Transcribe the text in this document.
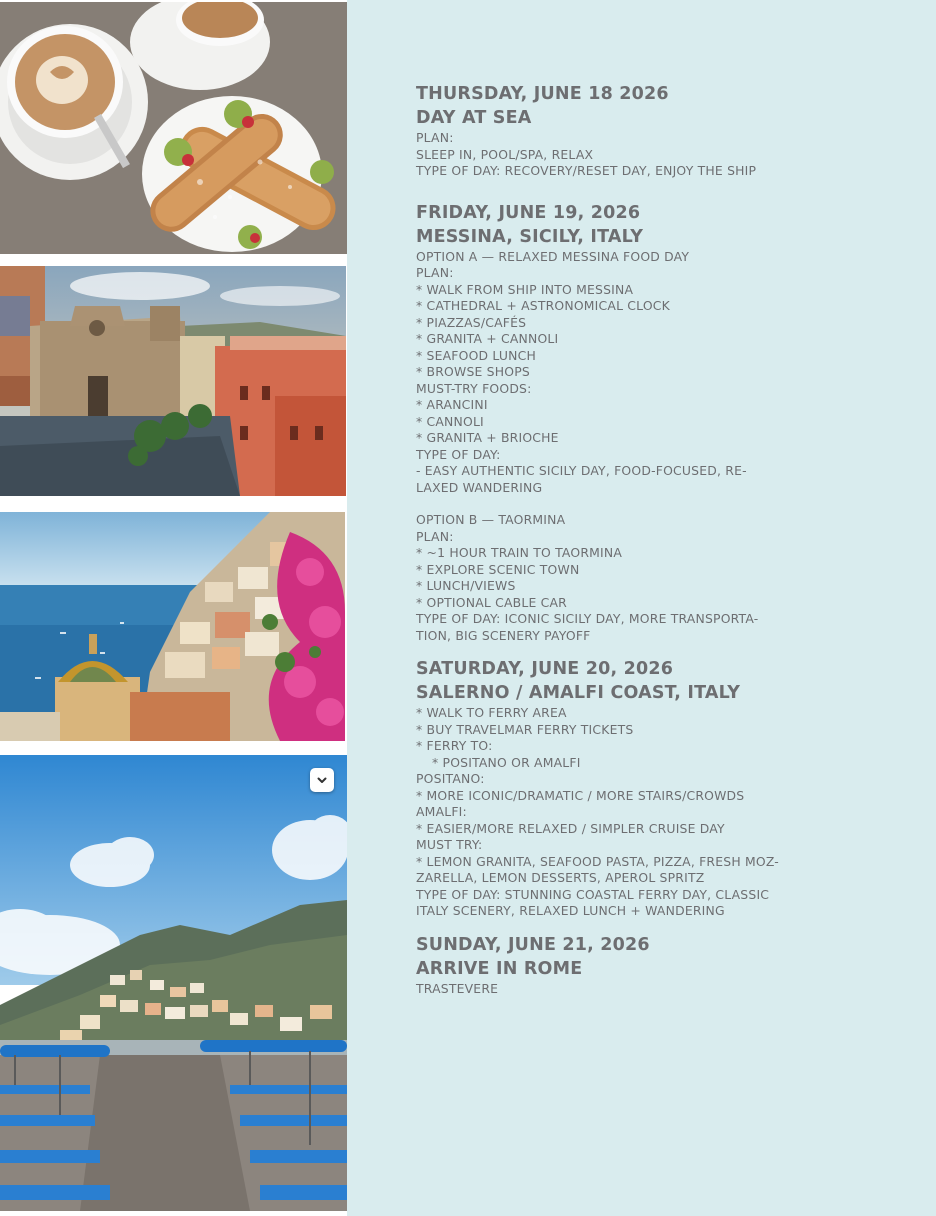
THURSDAY, JUNE 18 2026
DAY AT SEA
PLAN:
SLEEP IN, POOL/SPA, RELAX
TYPE OF DAY: RECOVERY/RESET DAY, ENJOY THE SHIP
FRIDAY, JUNE 19, 2026
MESSINA, SICILY, ITALY
OPTION A — RELAXED MESSINA FOOD DAY
PLAN:
* WALK FROM SHIP INTO MESSINA
* CATHEDRAL + ASTRONOMICAL CLOCK
* PIAZZAS/CAFÉS
* GRANITA + CANNOLI
* SEAFOOD LUNCH
* BROWSE SHOPS
MUST-TRY FOODS:
* ARANCINI
* CANNOLI
* GRANITA + BRIOCHE
TYPE OF DAY:
- EASY AUTHENTIC SICILY DAY, FOOD-FOCUSED, RE-
LAXED WANDERING
OPTION B — TAORMINA
PLAN:
* ~1 HOUR TRAIN TO TAORMINA
* EXPLORE SCENIC TOWN
* LUNCH/VIEWS
* OPTIONAL CABLE CAR
TYPE OF DAY: ICONIC SICILY DAY, MORE TRANSPORTA-
TION, BIG SCENERY PAYOFF
SATURDAY, JUNE 20, 2026
SALERNO / AMALFI COAST, ITALY
* WALK TO FERRY AREA
* BUY TRAVELMAR FERRY TICKETS
* FERRY TO:
* POSITANO OR AMALFI
POSITANO:
* MORE ICONIC/DRAMATIC / MORE STAIRS/CROWDS
AMALFI:
* EASIER/MORE RELAXED / SIMPLER CRUISE DAY
MUST TRY:
* LEMON GRANITA, SEAFOOD PASTA, PIZZA, FRESH MOZ-
ZARELLA, LEMON DESSERTS, APEROL SPRITZ
TYPE OF DAY: STUNNING COASTAL FERRY DAY, CLASSIC
ITALY SCENERY, RELAXED LUNCH + WANDERING
SUNDAY, JUNE 21, 2026
ARRIVE IN ROME
TRASTEVERE
